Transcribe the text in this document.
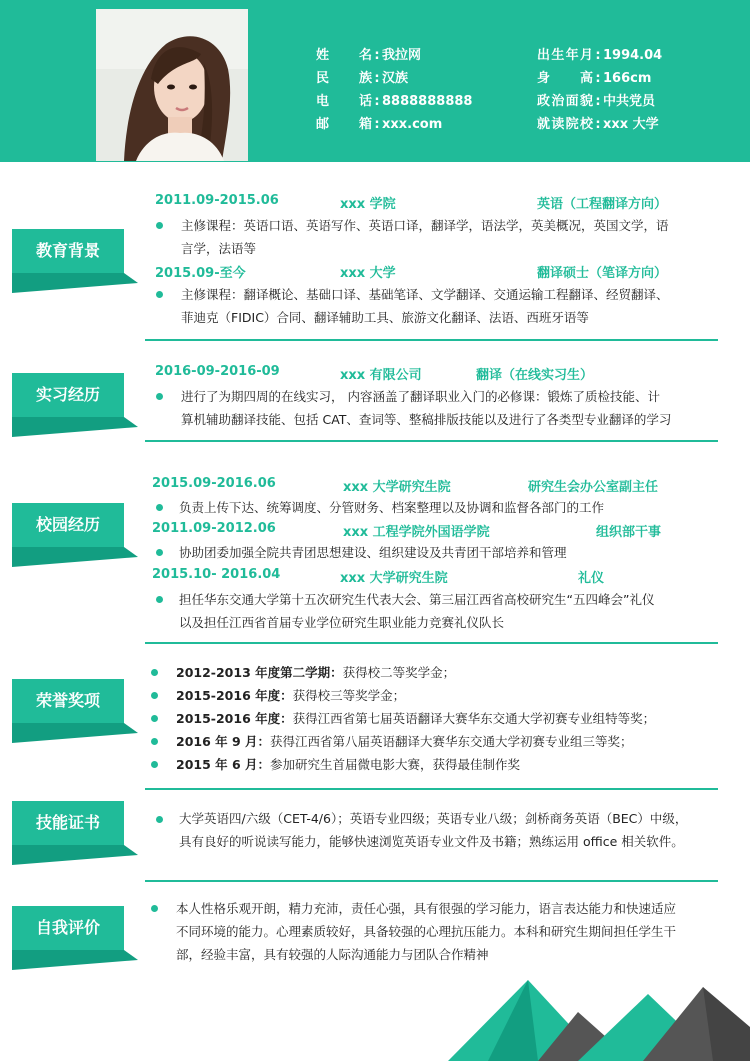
姓名 : 我拉网
民族 : 汉族
电话 : 8888888888
邮箱 : xxx.com
出生年月 : 1994.04
身高 : 166cm
政治面貌 : 中共党员
就读院校 : xxx 大学
教育背景
2011.09-2015.06	xxx 学院	英语（工程翻译方向）
主修课程：英语口语、英语写作、英语口译，翻译学，语法学，英美概况，英国文学，语
言学，法语等
2015.09-至今	xxx 大学	翻译硕士（笔译方向）
主修课程：翻译概论、基础口译、基础笔译、文学翻译、交通运输工程翻译、经贸翻译、
菲迪克（FIDIC）合同、翻译辅助工具、旅游文化翻译、法语、西班牙语等
实习经历
2016-09-2016-09	xxx 有限公司	翻译（在线实习生）
进行了为期四周的在线实习， 内容涵盖了翻译职业入门的必修课：锻炼了质检技能、计
算机辅助翻译技能、包括 CAT、查词等、整稿排版技能以及进行了各类型专业翻译的学习
校园经历
2015.09-2016.06	xxx 大学研究生院	研究生会办公室副主任
负责上传下达、统筹调度、分管财务、档案整理以及协调和监督各部门的工作
2011.09-2012.06	xxx 工程学院外国语学院	组织部干事
协助团委加强全院共青团思想建设、组织建设及共青团干部培养和管理
2015.10- 2016.04	xxx 大学研究生院	礼仪
担任华东交通大学第十五次研究生代表大会、第三届江西省高校研究生“五四峰会”礼仪
以及担任江西省首届专业学位研究生职业能力竞赛礼仪队长
荣誉奖项
2012-2013 年度第二学期：获得校二等奖学金；
2015-2016 年度：获得校三等奖学金；
2015-2016 年度：获得江西省第七届英语翻译大赛华东交通大学初赛专业组特等奖；
2016 年 9 月：获得江西省第八届英语翻译大赛华东交通大学初赛专业组三等奖；
2015 年 6 月：参加研究生首届微电影大赛，获得最佳制作奖
技能证书	大学英语四/六级（CET-4/6）；英语专业四级；英语专业八级；剑桥商务英语（BEC）中级，
具有良好的听说读写能力，能够快速浏览英语专业文件及书籍；熟练运用 office 相关软件。
自我评价
本人性格乐观开朗，精力充沛，责任心强，具有很强的学习能力，语言表达能力和快速适应
不同环境的能力。心理素质较好，具备较强的心理抗压能力。本科和研究生期间担任学生干
部，经验丰富，具有较强的人际沟通能力与团队合作精神
